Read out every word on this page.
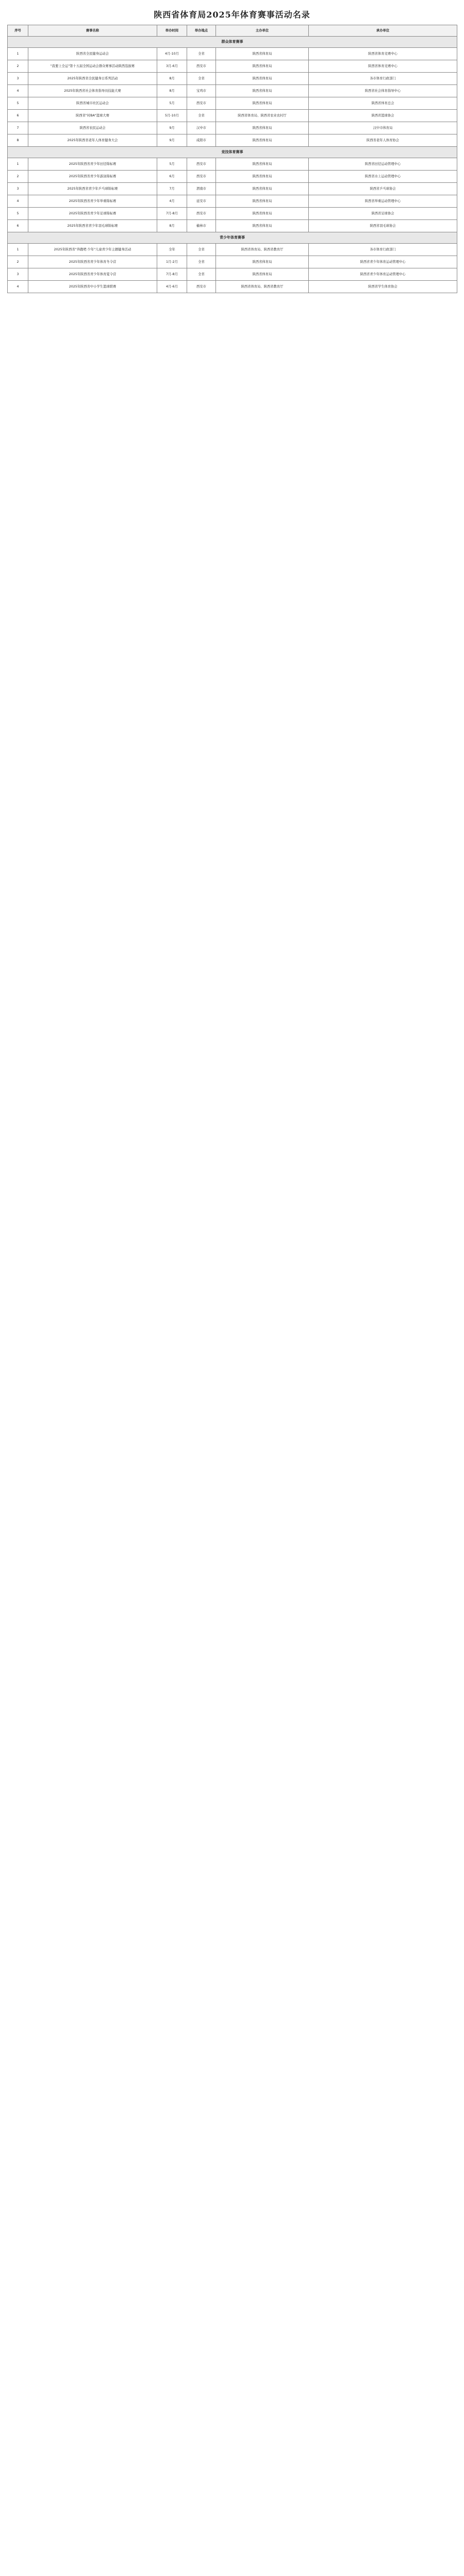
陕西省体育局2025年体育赛事活动名录
序号	赛事名称	举办时间	举办地点	主办单位	承办单位
群众体育赛事
1	陕西省全民健身运动会	4月-10月	全省	陕西省体育局	陕西省体育竞赛中心
2	"我要上全运"第十五届全国运动会群众赛事活动陕西选拔赛	3月-6月	西安市	陕西省体育局	陕西省体育竞赛中心
3	2025年陕西省全民健身日系列活动	8月	全省	陕西省体育局	各市体育行政部门
4	2025年陕西省社会体育指导员技能大赛	8月	宝鸡市	陕西省体育局	陕西省社会体育指导中心
5	陕西省城市社区运动会	5月	西安市	陕西省体育局	陕西省体育总会
6	陕西省"村BA"篮球大赛	5月-10月	全省	陕西省体育局、陕西省农业农村厅	陕西省篮球协会
7	陕西省农民运动会	9月	汉中市	陕西省体育局	汉中市体育局
8	2025年陕西省老年人体育健身大会	9月	咸阳市	陕西省体育局	陕西省老年人体育协会
竞技体育赛事
1	2025年陕西省青少年田径锦标赛	5月	西安市	陕西省体育局	陕西省田径运动管理中心
2	2025年陕西省青少年游泳锦标赛	6月	西安市	陕西省体育局	陕西省水上运动管理中心
3	2025年陕西省青少年乒乓球锦标赛	7月	渭南市	陕西省体育局	陕西省乒乓球协会
4	2025年陕西省青少年举重锦标赛	4月	延安市	陕西省体育局	陕西省举重运动管理中心
5	2025年陕西省青少年足球锦标赛	7月-8月	西安市	陕西省体育局	陕西省足球协会
6	2025年陕西省青少年羽毛球锦标赛	8月	榆林市	陕西省体育局	陕西省羽毛球协会
青少年体育赛事
1	2025年陕西省"奔跑吧·少年"儿童青少年主题健身活动	全年	全省	陕西省体育局、陕西省教育厅	各市体育行政部门
2	2025年陕西省青少年体育冬令营	1月-2月	全省	陕西省体育局	陕西省青少年体育运动管理中心
3	2025年陕西省青少年体育夏令营	7月-8月	全省	陕西省体育局	陕西省青少年体育运动管理中心
4	2025年陕西省中小学生篮球联赛	4月-6月	西安市	陕西省体育局、陕西省教育厅	陕西省学生体育协会
